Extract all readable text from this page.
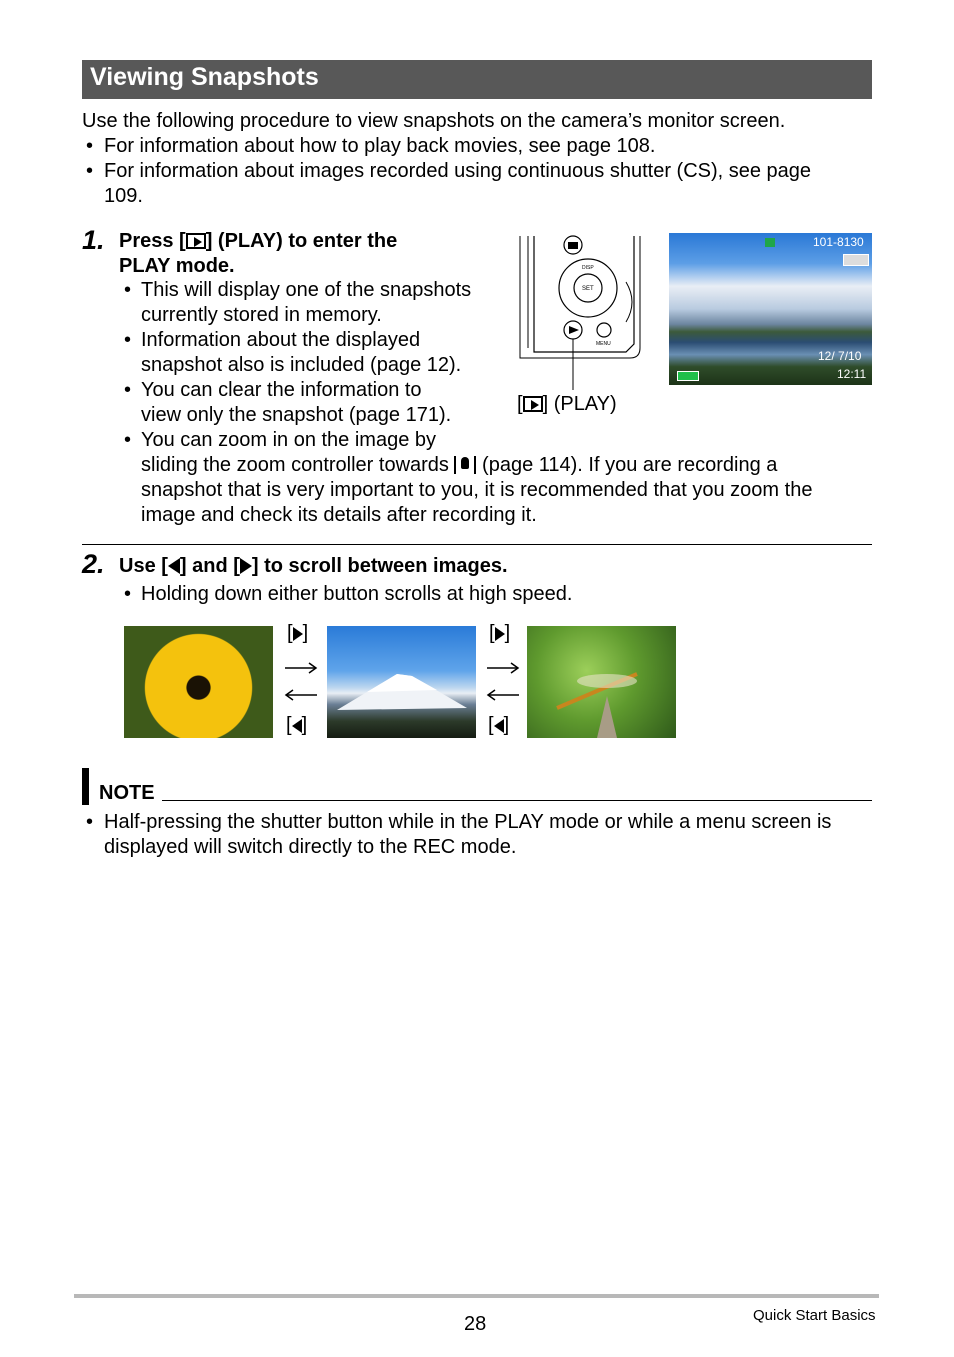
Viewing Snapshots
Use the following procedure to view snapshots on the camera’s monitor screen.
• For information about how to play back movies, see page 108.
• For information about images recorded using continuous shutter (CS), see page
109.
1. Press [ ] (PLAY) to enter the
PLAY mode.
• This will display one of the snapshots
currently stored in memory.
• Information about the displayed
snapshot also is included (page 12).
• You can clear the information to
view only the snapshot (page 171).
• You can zoom in on the image by
sliding the zoom controller towards (page 114). If you are recording a
snapshot that is very important to you, it is recommended that you zoom the
image and check its details after recording it.
DISP
SET
MENU
[ ] (PLAY)
101-8130
12/ 7/10
12:11
2. Use [ ] and [ ] to scroll between images.
• Holding down either button scrolls at high speed.
[ ]
[ ]
[ ]
[ ]
NOTE
• Half-pressing the shutter button while in the PLAY mode or while a menu screen is
displayed will switch directly to the REC mode.
28	Quick Start Basics
